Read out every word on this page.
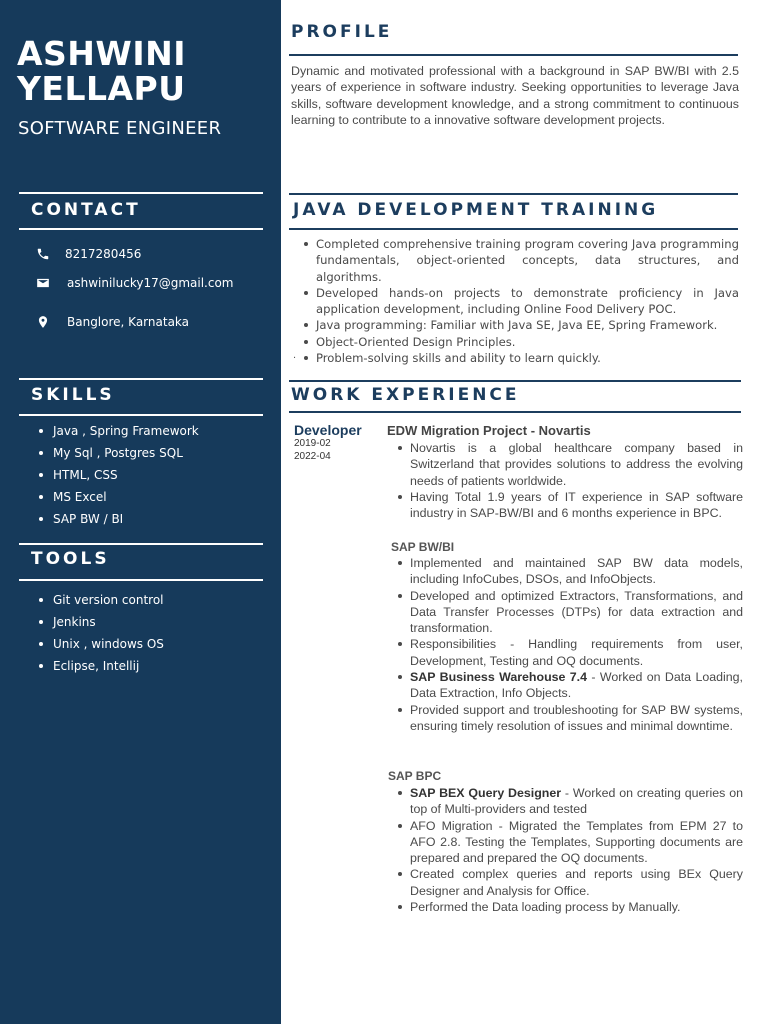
ASHWINI
YELLAPU
SOFTWARE ENGINEER
CONTACT
8217280456
ashwinilucky17@gmail.com
Banglore, Karnataka
SKILLS
Java , Spring Framework
My Sql , Postgres SQL
HTML, CSS
MS Excel
SAP BW / BI
TOOLS
Git version control
Jenkins
Unix , windows OS
Eclipse, Intellij
PROFILE
Dynamic and motivated professional with a background in SAP BW/BI with 2.5 years of experience in software industry. Seeking opportunities to leverage Java skills, software development knowledge, and a strong commitment to continuous learning to contribute to a innovative software development projects.
JAVA DEVELOPMENT TRAINING
Completed comprehensive training program covering Java programming fundamentals, object-oriented concepts, data structures, and algorithms.
Developed hands-on projects to demonstrate proficiency in Java application development, including Online Food Delivery POC.
Java programming: Familiar with Java SE, Java EE, Spring Framework.
Object-Oriented Design Principles.
Problem-solving skills and ability to learn quickly.
.
WORK EXPERIENCE
Developer
2019-02
2022-04
EDW Migration Project - Novartis
Novartis is a global healthcare company based in Switzerland that provides solutions to address the evolving needs of patients worldwide.
Having Total 1.9 years of IT experience in SAP software industry in SAP-BW/BI and 6 months experience in BPC.
SAP BW/BI
Implemented and maintained SAP BW data models, including InfoCubes, DSOs, and InfoObjects.
Developed and optimized Extractors, Transformations, and Data Transfer Processes (DTPs) for data extraction and transformation.
Responsibilities - Handling requirements from user, Development, Testing and OQ documents.
SAP Business Warehouse 7.4 - Worked on Data Loading, Data Extraction, Info Objects.
Provided support and troubleshooting for SAP BW systems, ensuring timely resolution of issues and minimal downtime.
SAP BPC
SAP BEX Query Designer - Worked on creating queries on top of Multi-providers and tested
AFO Migration - Migrated the Templates from EPM 27 to AFO 2.8. Testing the Templates, Supporting documents are prepared and prepared the OQ documents.
Created complex queries and reports using BEx Query Designer and Analysis for Office.
Performed the Data loading process by Manually.
